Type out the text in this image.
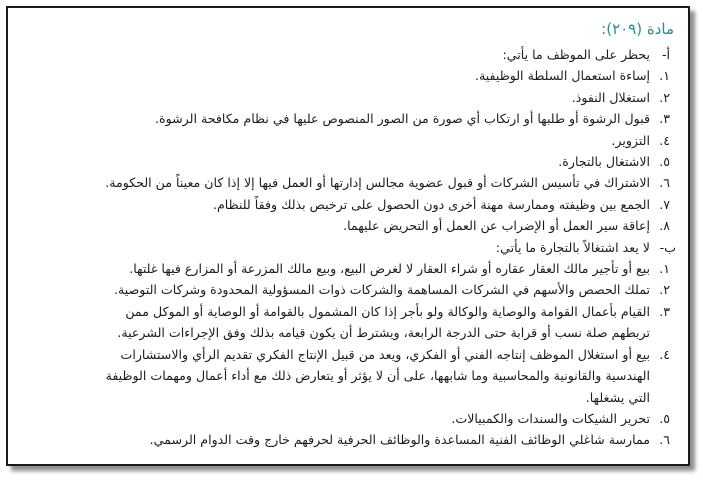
مادة (٢٠٩):
أ-
يحظر على الموظف ما يأتي:
١.
إساءة استعمال السلطة الوظيفية.
٢.
استغلال النفوذ.
٣.
قبول الرشوة أو طلبها أو ارتكاب أي صورة من الصور المنصوص عليها في نظام مكافحة الرشوة.
٤.
التزوير.
٥.
الاشتغال بالتجارة.
٦.
الاشتراك في تأسيس الشركات أو قبول عضوية مجالس إدارتها أو العمل فيها إلا إذا كان معيناً من الحكومة.
٧.
الجمع بين وظيفته وممارسة مهنة أخرى دون الحصول على ترخيص بذلك وفقاً للنظام.
٨.
إعاقة سير العمل أو الإضراب عن العمل أو التحريض عليهما.
ب-
لا يعد اشتغالاً بالتجارة ما يأتي:
١.
بيع أو تأجير مالك العقار عقاره أو شراء العقار لا لغرض البيع، وبيع مالك المزرعة أو المزارع فيها غلتها.
٢.
تملك الحصص والأسهم في الشركات المساهمة والشركات ذوات المسؤولية المحدودة وشركات التوصية.
٣.
القيام بأعمال القوامة والوصاية والوكالة ولو بأجر إذا كان المشمول بالقوامة أو الوصاية أو الموكل ممن
تربطهم صلة نسب أو قرابة حتى الدرجة الرابعة، ويشترط أن يكون قيامه بذلك وفق الإجراءات الشرعية.
٤.
بيع أو استغلال الموظف إنتاجه الفني أو الفكري، ويعد من قبيل الإنتاج الفكري تقديم الرأي والاستشارات
الهندسية والقانونية والمحاسبية وما شابهها، على أن لا يؤثر أو يتعارض ذلك مع أداء أعمال ومهمات الوظيفة
التي يشغلها.
٥.
تحرير الشيكات والسندات والكمبيالات.
٦.
ممارسة شاغلي الوظائف الفنية المساعدة والوظائف الحرفية لحرفهم خارج وقت الدوام الرسمي.
